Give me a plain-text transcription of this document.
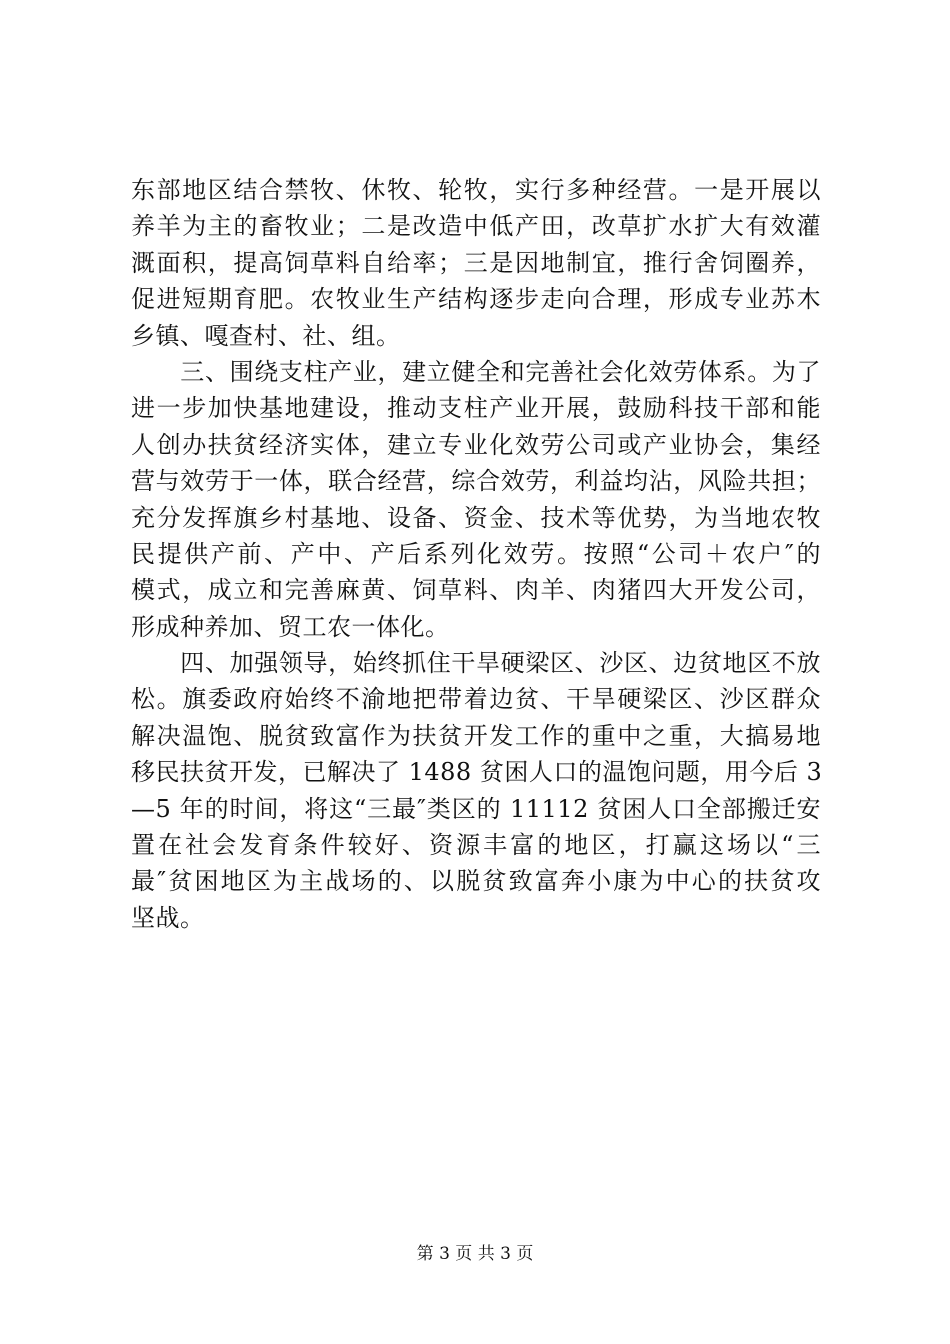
东部地区结合禁牧、休牧、轮牧，实行多种经营。一是开展以
养羊为主的畜牧业；二是改造中低产田，改草扩水扩大有效灌
溉面积，提高饲草料自给率；三是因地制宜，推行舍饲圈养，
促进短期育肥。农牧业生产结构逐步走向合理，形成专业苏木
乡镇、嘎查村、社、组。
　　三、围绕支柱产业，建立健全和完善社会化效劳体系。为了
进一步加快基地建设，推动支柱产业开展，鼓励科技干部和能
人创办扶贫经济实体，建立专业化效劳公司或产业协会，集经
营与效劳于一体，联合经营，综合效劳，利益均沾，风险共担；
充分发挥旗乡村基地、设备、资金、技术等优势，为当地农牧
民提供产前、产中、产后系列化效劳。按照“公司＋农户″的
模式，成立和完善麻黄、饲草料、肉羊、肉猪四大开发公司，
形成种养加、贸工农一体化。
　　四、加强领导，始终抓住干旱硬梁区、沙区、边贫地区不放
松。旗委政府始终不渝地把带着边贫、干旱硬梁区、沙区群众
解决温饱、脱贫致富作为扶贫开发工作的重中之重，大搞易地
移民扶贫开发，已解决了 1488 贫困人口的温饱问题，用今后 3
—5 年的时间，将这“三最″类区的 11112 贫困人口全部搬迁安
置在社会发育条件较好、资源丰富的地区，打赢这场以“三
最″贫困地区为主战场的、以脱贫致富奔小康为中心的扶贫攻
坚战。
第 3 页 共 3 页
